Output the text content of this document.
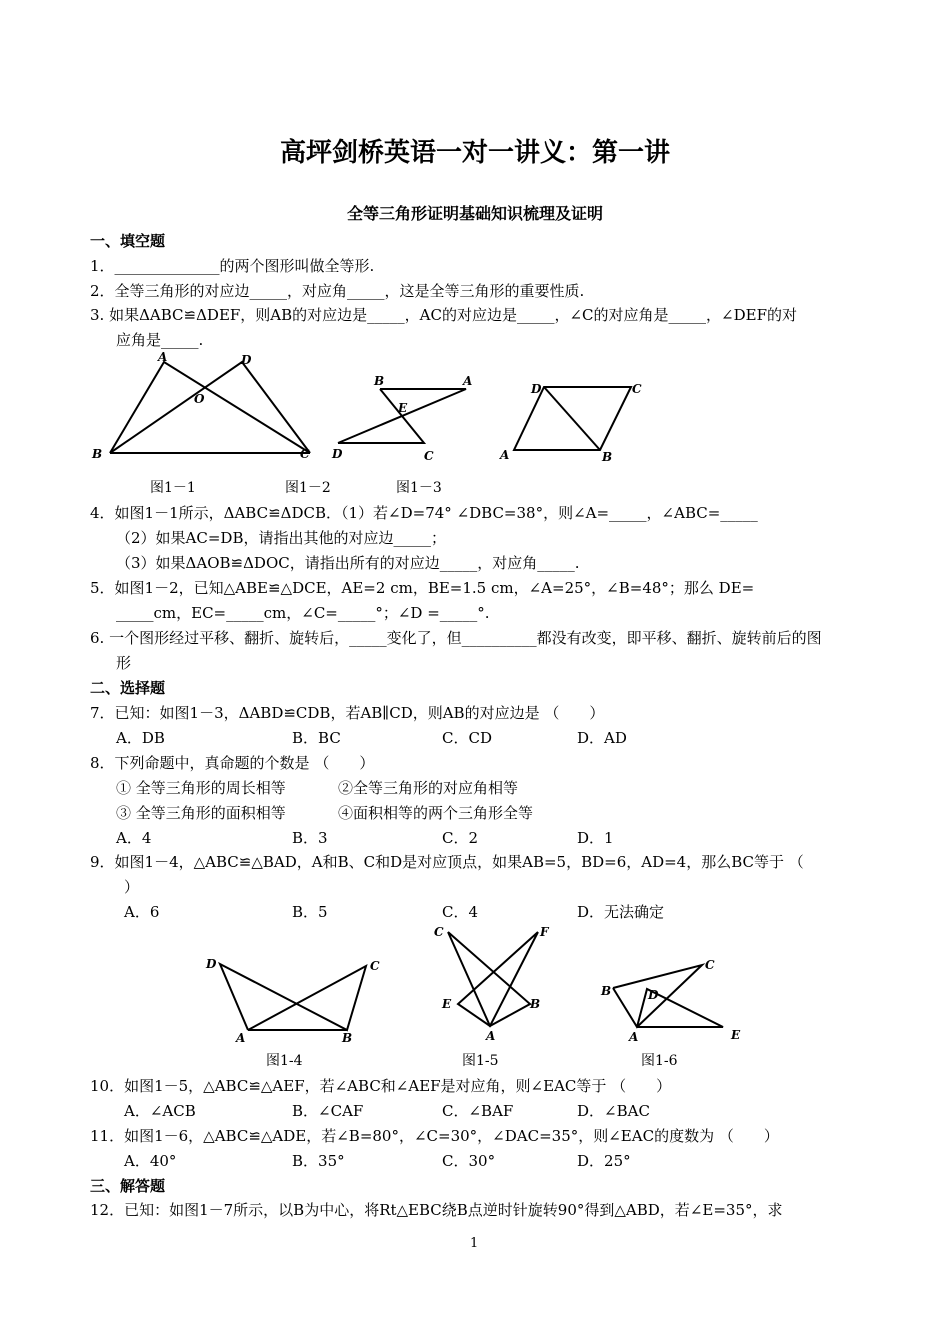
高坪剑桥英语一对一讲义：第一讲
全等三角形证明基础知识梳理及证明
一、填空题
1．______________的两个图形叫做全等形.
2．全等三角形的对应边_____，对应角_____，这是全等三角形的重要性质.
3. 如果ΔABC≌ΔDEF，则AB的对应边是_____，AC的对应边是_____，∠C的对应角是_____，∠DEF的对
应角是_____.
A	D
O
B	C
B	A
E
D	C
D	C
A	B
图1－1	图1－2	图1－3
4．如图1－1所示，ΔABC≌ΔDCB．（1）若∠D=74° ∠DBC=38°，则∠A=_____，∠ABC=_____
（2）如果AC=DB，请指出其他的对应边_____；
（3）如果ΔAOB≌ΔDOC，请指出所有的对应边_____，对应角_____.
5．如图1－2，已知△ABE≌△DCE，AE=2 cm，BE=1.5 cm，∠A=25°，∠B=48°；那么 DE=
_____cm，EC=_____cm，∠C=_____°；∠D =_____°.
6. 一个图形经过平移、翻折、旋转后，_____变化了，但__________都没有改变，即平移、翻折、旋转前后的图
形
二、选择题
7．已知：如图1－3，ΔABD≌CDB，若AB∥CD，则AB的对应边是 （　　）
A．DB	B．BC	C．CD	D．AD
8．下列命题中，真命题的个数是 （　　）
① 全等三角形的周长相等	②全等三角形的对应角相等
③ 全等三角形的面积相等	④面积相等的两个三角形全等
A．4	B．3	C．2	D．1
9．如图1－4，△ABC≌△BAD，A和B、C和D是对应顶点，如果AB=5，BD=6，AD=4，那么BC等于 （
）
A．6	B．5	C．4	D．无法确定
D	C
A	B
C	F
E	B
A
C
B	D
A	E
图1-4	图1-5	图1-6
10．如图1－5，△ABC≌△AEF，若∠ABC和∠AEF是对应角，则∠EAC等于 （　　）
A．∠ACB	B．∠CAF	C．∠BAF	D．∠BAC
11．如图1－6，△ABC≌△ADE，若∠B=80°，∠C=30°，∠DAC=35°，则∠EAC的度数为 （　　）
A．40°	B．35°	C．30°	D．25°
三、解答题
12．已知：如图1－7所示，以B为中心，将Rt△EBC绕B点逆时针旋转90°得到△ABD，若∠E=35°，求
1
